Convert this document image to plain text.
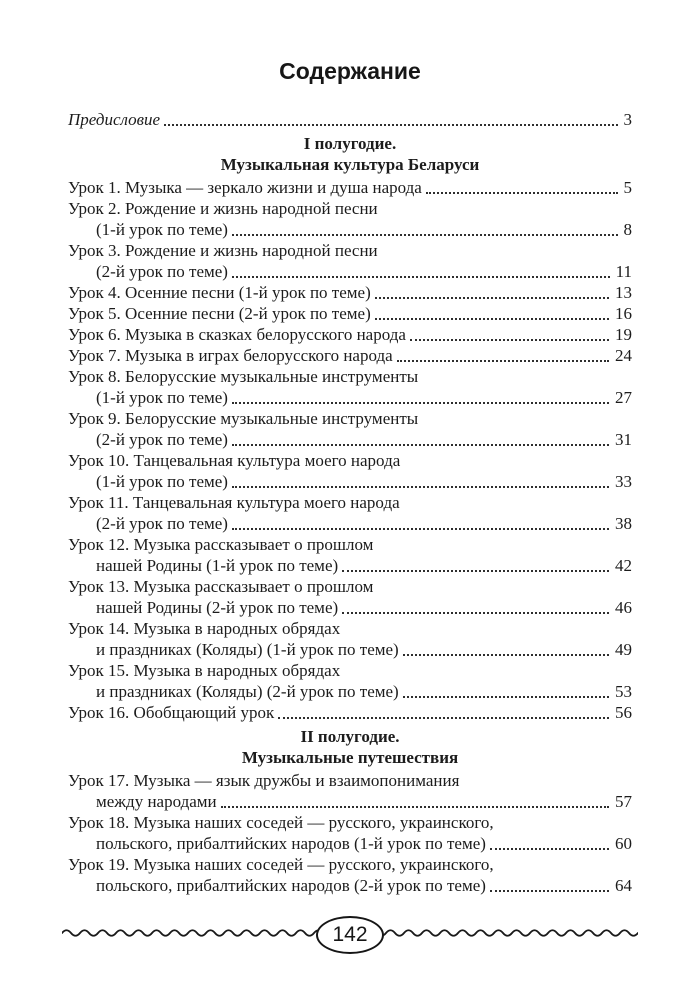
Содержание
Предисловие	3
I полугодие.
Музыкальная культура Беларуси
Урок 1. Музыка — зеркало жизни и душа народа	5
Урок 2. Рождение и жизнь народной песни
(1-й урок по теме)	8
Урок 3. Рождение и жизнь народной песни
(2-й урок по теме)	11
Урок 4. Осенние песни (1-й урок по теме)	13
Урок 5. Осенние песни (2-й урок по теме)	16
Урок 6. Музыка в сказках белорусского народа	19
Урок 7. Музыка в играх белорусского народа	24
Урок 8. Белорусские музыкальные инструменты
(1-й урок по теме)	27
Урок 9. Белорусские музыкальные инструменты
(2-й урок по теме)	31
Урок 10. Танцевальная культура моего народа
(1-й урок по теме)	33
Урок 11. Танцевальная культура моего народа
(2-й урок по теме)	38
Урок 12. Музыка рассказывает о прошлом
нашей Родины (1-й урок по теме)	42
Урок 13. Музыка рассказывает о прошлом
нашей Родины (2-й урок по теме)	46
Урок 14. Музыка в народных обрядах
и праздниках (Коляды) (1-й урок по теме)	49
Урок 15. Музыка в народных обрядах
и праздниках (Коляды) (2-й урок по теме)	53
Урок 16. Обобщающий урок	56
II полугодие.
Музыкальные путешествия
Урок 17. Музыка — язык дружбы и взаимопонимания
между народами	57
Урок 18. Музыка наших соседей — русского, украинского,
польского, прибалтийских народов (1-й урок по теме)	60
Урок 19. Музыка наших соседей — русского, украинского,
польского, прибалтийских народов (2-й урок по теме)	64
142
